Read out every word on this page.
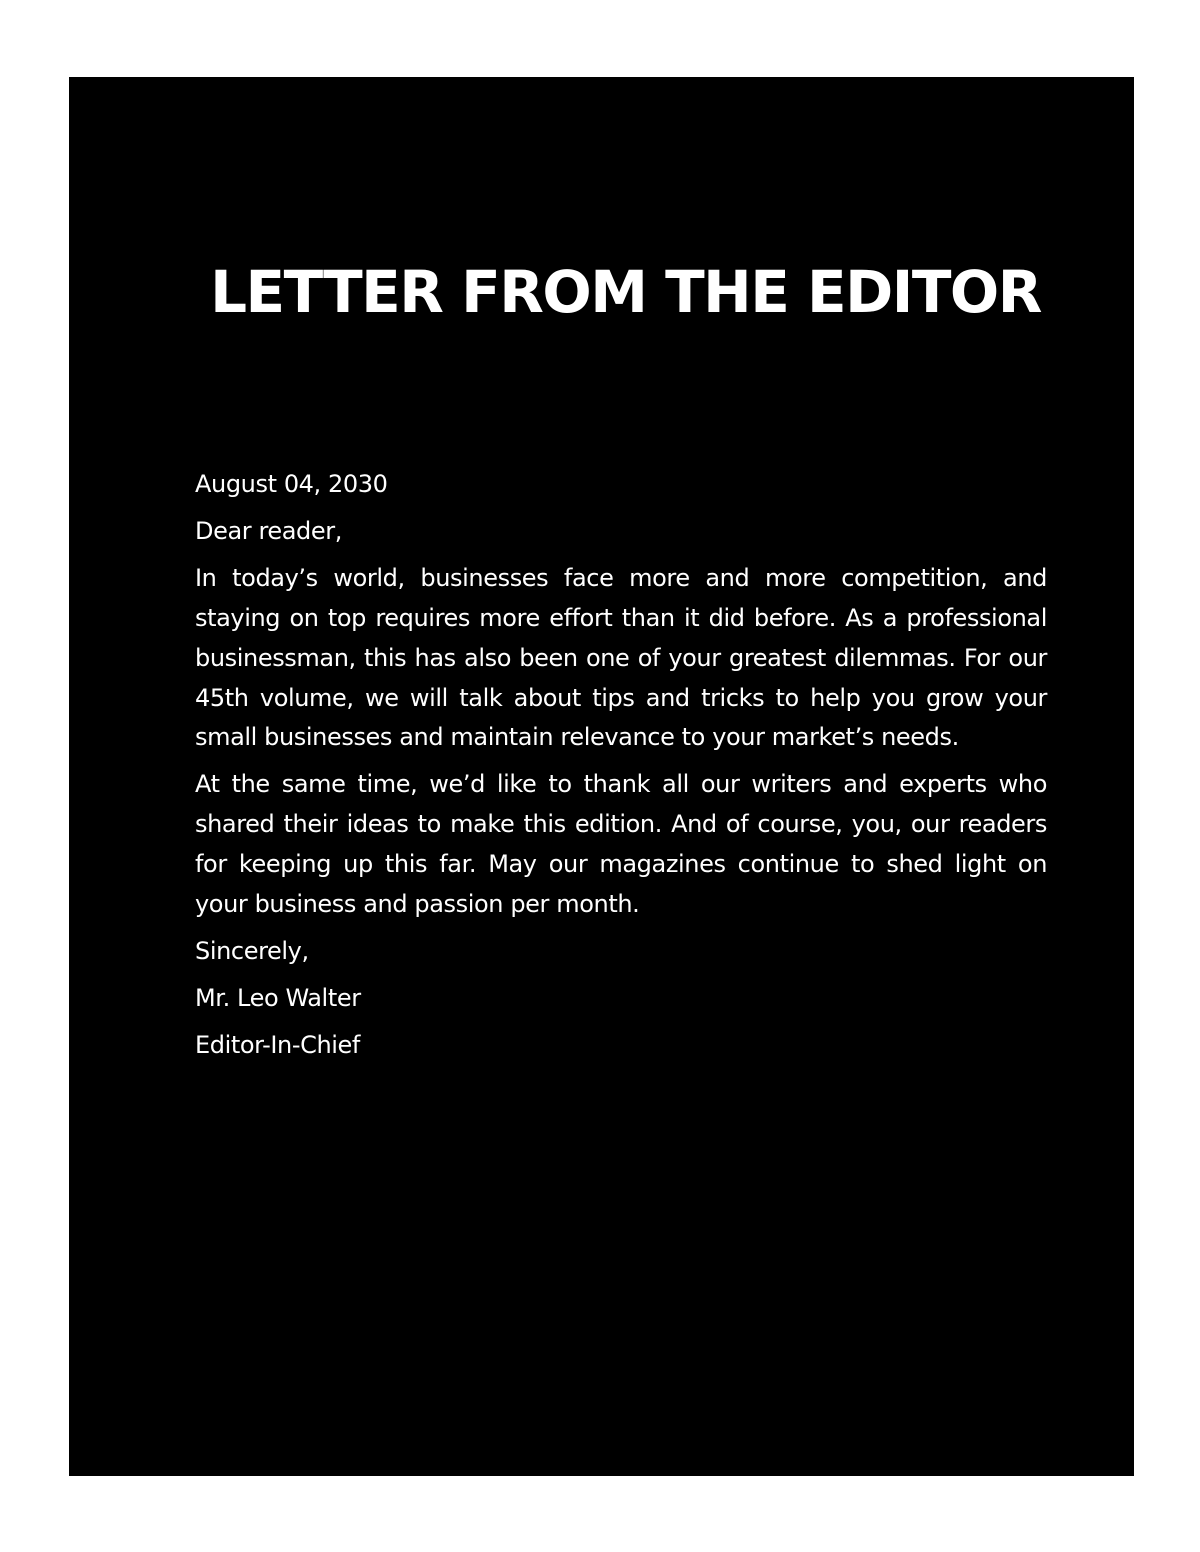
LETTER FROM THE EDITOR

August 04, 2030

Dear reader,

In today’s world, businesses face more and more competition, and staying on top requires more effort than it did before. As a professional businessman, this has also been one of your greatest dilemmas. For our 45th volume, we will talk about tips and tricks to help you grow your small businesses and maintain relevance to your market’s needs.

At the same time, we’d like to thank all our writers and experts who shared their ideas to make this edition. And of course, you, our readers for keeping up this far. May our magazines continue to shed light on your business and passion per month.

Sincerely,

Mr. Leo Walter

Editor-In-Chief
